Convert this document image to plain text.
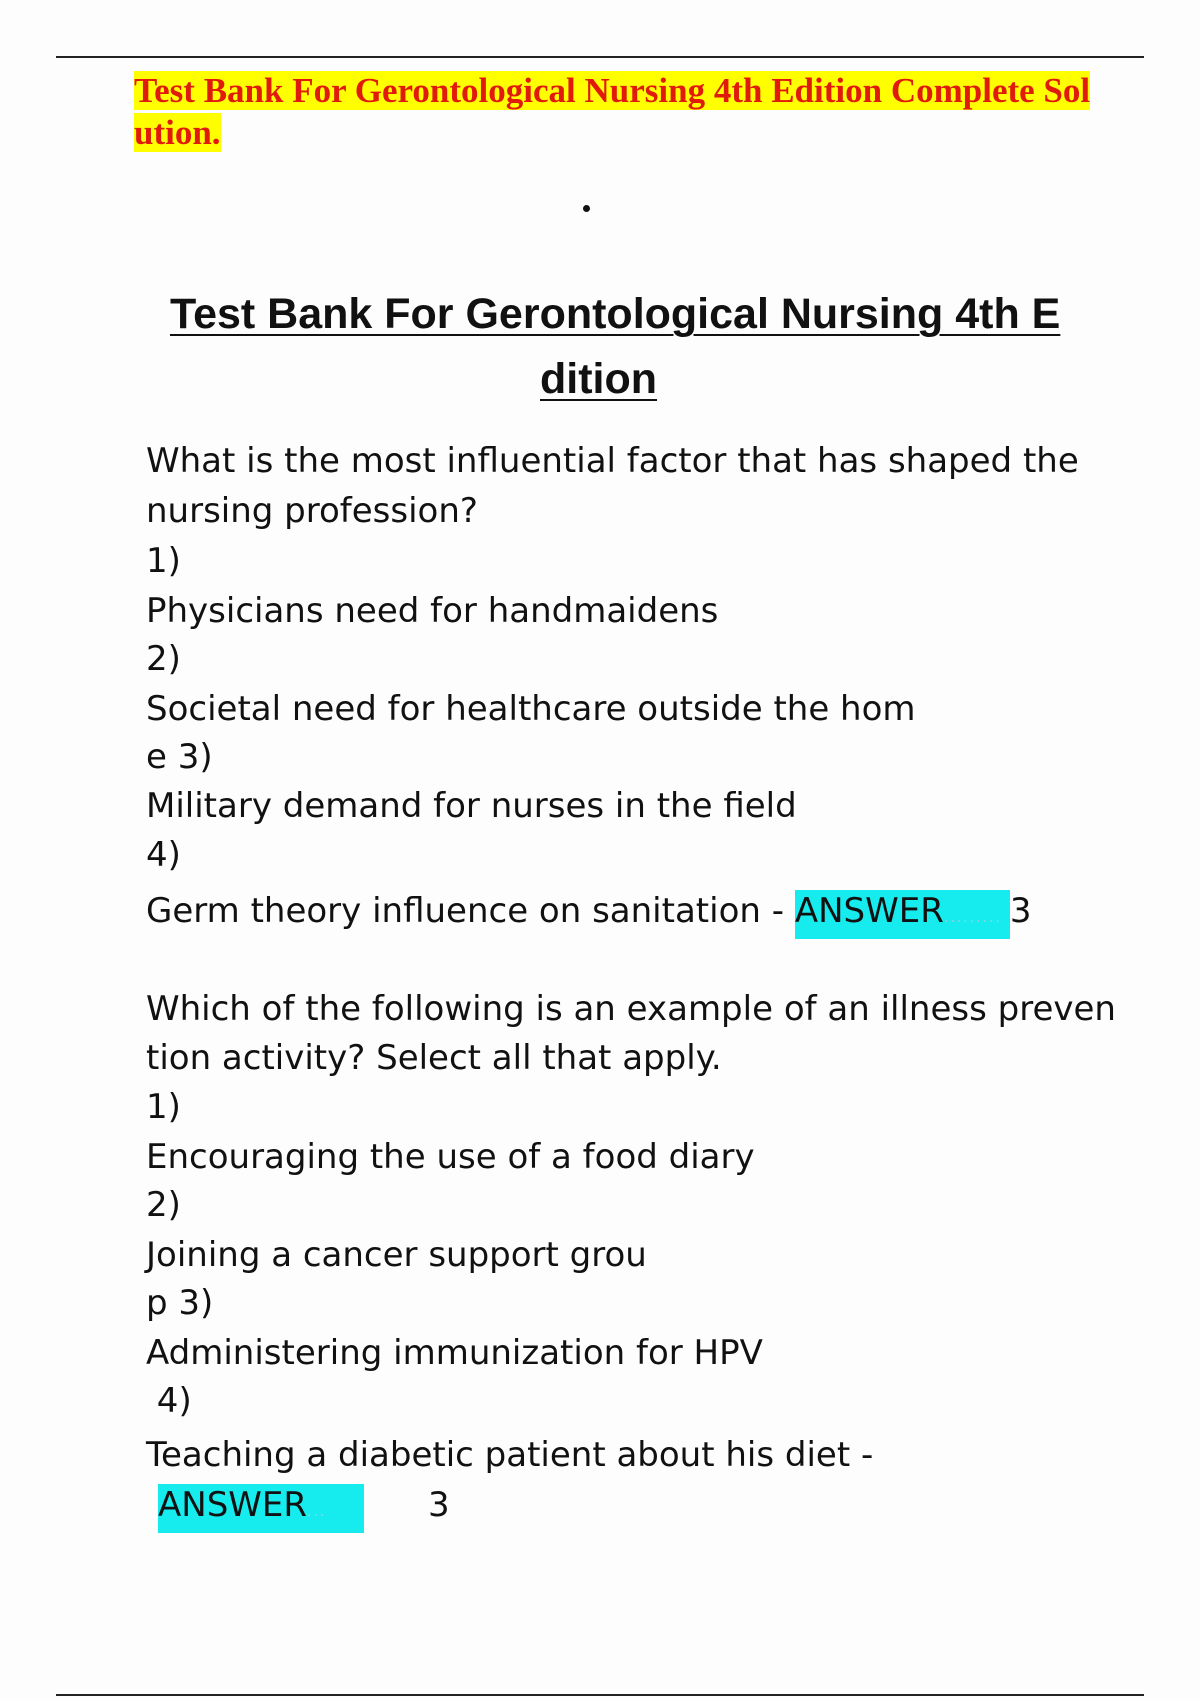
Test Bank For Gerontological Nursing 4th Edition Complete Solution.
Test Bank For Gerontological Nursing 4th E
dition
What is the most influential factor that has shaped the
nursing profession?
1)
Physicians need for handmaidens
2)
Societal need for healthcare outside the hom
e 3)
Military demand for nurses in the field
4)
Germ theory influence on sanitation - ANSWER......... 3
Which of the following is an example of an illness preven
tion activity? Select all that apply.
1)
Encouraging the use of a food diary
2)
Joining a cancer support grou
p 3)
Administering immunization for HPV
4)
Teaching a diabetic patient about his diet -
ANSWER...	3
